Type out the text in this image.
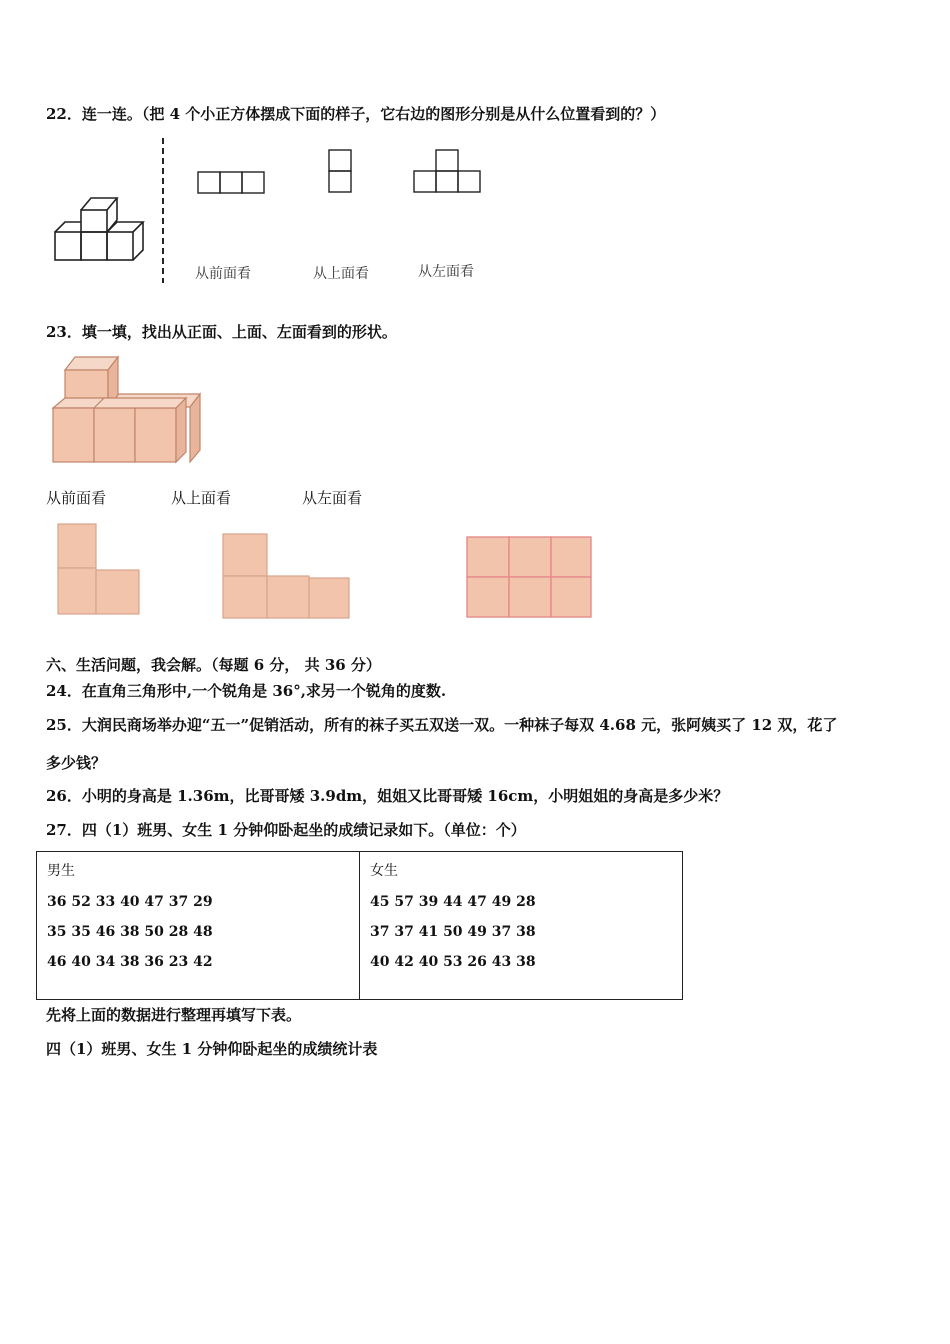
22．连一连。（把 4 个小正方体摆成下面的样子，它右边的图形分别是从什么位置看到的？）
从前面看	从上面看	从左面看
23．填一填，找出从正面、上面、左面看到的形状。
从前面看	从上面看	从左面看
六、生活问题，我会解。（每题 6 分， 共 36 分）
24．在直角三角形中,一个锐角是 36°,求另一个锐角的度数.
25．大润民商场举办迎“五一”促销活动，所有的袜子买五双送一双。一种袜子每双 4.68 元，张阿姨买了 12 双，花了
多少钱？
26．小明的身高是 1.36m，比哥哥矮 3.9dm，姐姐又比哥哥矮 16cm，小明姐姐的身高是多少米？
27．四（1）班男、女生 1 分钟仰卧起坐的成绩记录如下。（单位：个）
男生
36 52 33 40 47 37 29
35 35 46 38 50 28 48
46 40 34 38 36 23 42

女生
45 57 39 44 47 49 28
37 37 41 50 49 37 38
40 42 40 53 26 43 38
先将上面的数据进行整理再填写下表。
四（1）班男、女生 1 分钟仰卧起坐的成绩统计表
